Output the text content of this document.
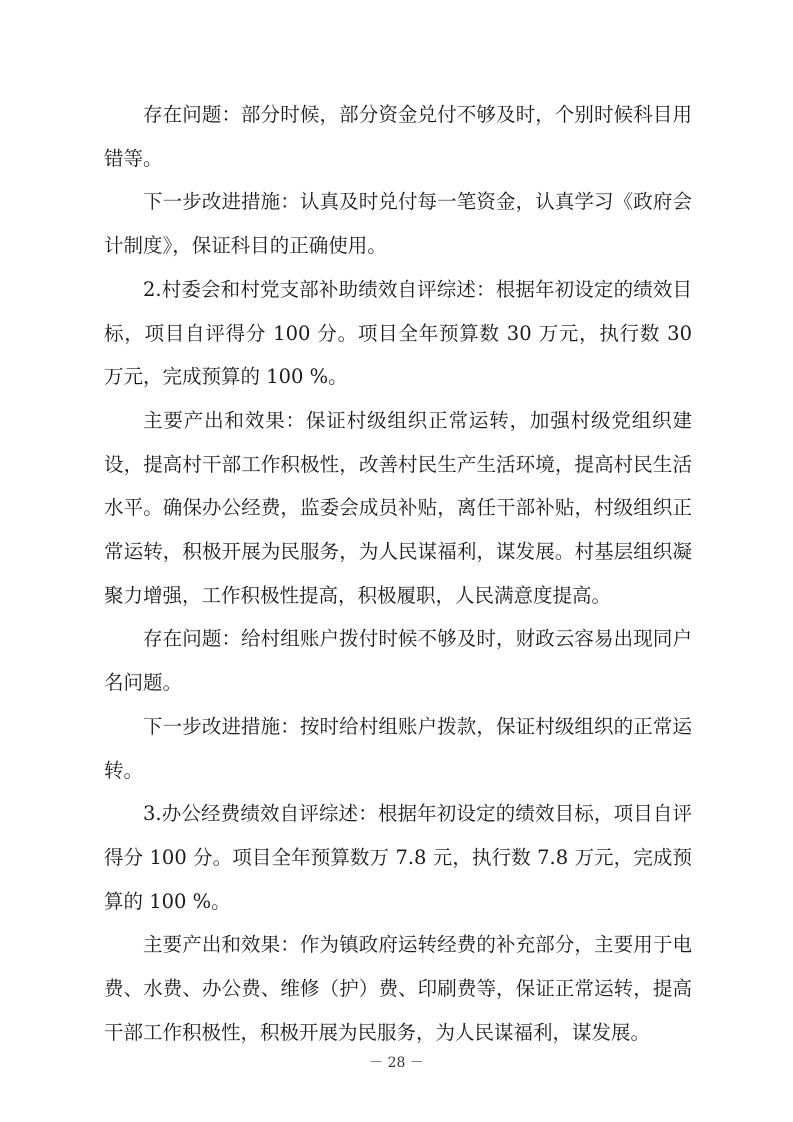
存在问题：部分时候，部分资金兑付不够及时，个别时候科目用错等。

下一步改进措施：认真及时兑付每一笔资金，认真学习《政府会计制度》，保证科目的正确使用。

2.村委会和村党支部补助绩效自评综述：根据年初设定的绩效目标，项目自评得分 100 分。项目全年预算数 30 万元，执行数 30 万元，完成预算的 100 %。

主要产出和效果：保证村级组织正常运转，加强村级党组织建设，提高村干部工作积极性，改善村民生产生活环境，提高村民生活水平。确保办公经费，监委会成员补贴，离任干部补贴，村级组织正常运转，积极开展为民服务，为人民谋福利，谋发展。村基层组织凝聚力增强，工作积极性提高，积极履职，人民满意度提高。

存在问题：给村组账户拨付时候不够及时，财政云容易出现同户名问题。

下一步改进措施：按时给村组账户拨款，保证村级组织的正常运转。

3.办公经费绩效自评综述：根据年初设定的绩效目标，项目自评得分 100 分。项目全年预算数万 7.8 元，执行数 7.8 万元，完成预算的 100 %。

主要产出和效果：作为镇政府运转经费的补充部分，主要用于电费、水费、办公费、维修（护）费、印刷费等，保证正常运转，提高干部工作积极性，积极开展为民服务，为人民谋福利，谋发展。

－ 28 －
